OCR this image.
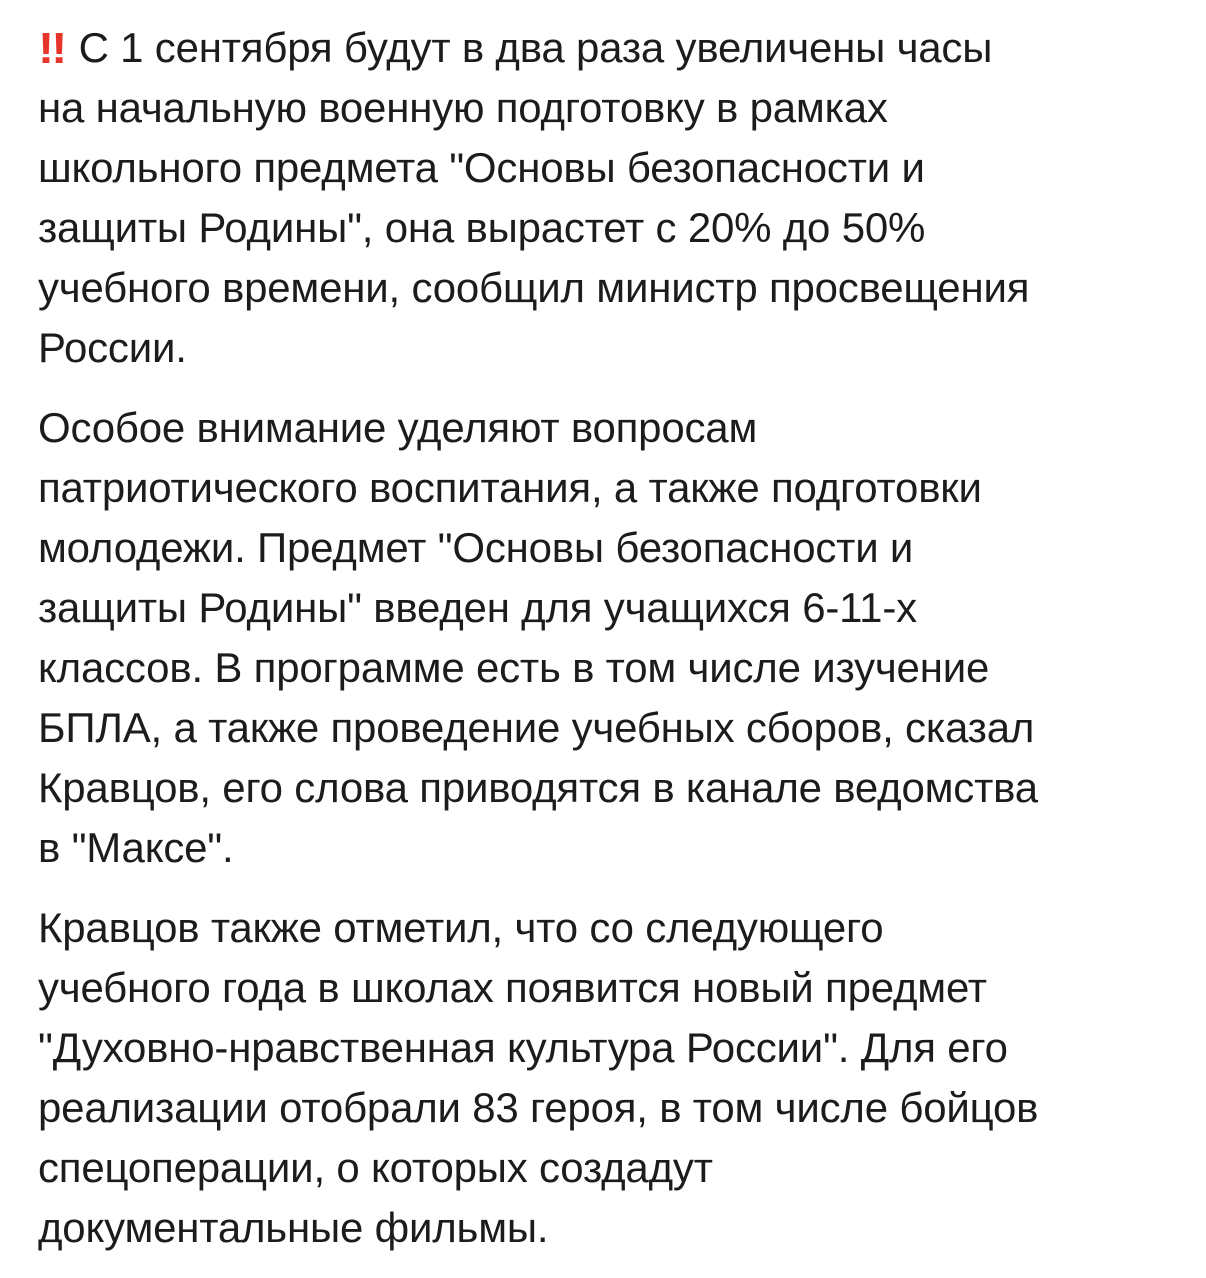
‼ С 1 сентября будут в два раза увеличены часы
на начальную военную подготовку в рамках
школьного предмета "Основы безопасности и
защиты Родины", она вырастет с 20% до 50%
учебного времени, сообщил министр просвещения
России.

Особое внимание уделяют вопросам
патриотического воспитания, а также подготовки
молодежи. Предмет "Основы безопасности и
защиты Родины" введен для учащихся 6-11-х
классов. В программе есть в том числе изучение
БПЛА, а также проведение учебных сборов, сказал
Кравцов, его слова приводятся в канале ведомства
в "Максе".

Кравцов также отметил, что со следующего
учебного года в школах появится новый предмет
"Духовно-нравственная культура России". Для его
реализации отобрали 83 героя, в том числе бойцов
спецоперации, о которых создадут
документальные фильмы.
